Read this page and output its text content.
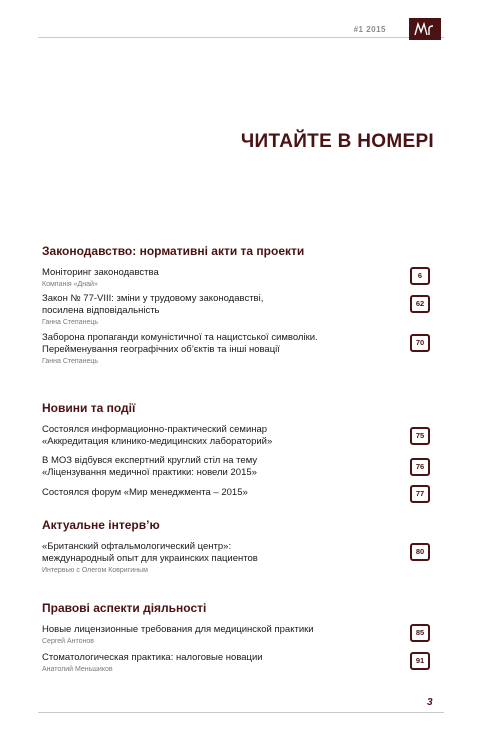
#1 2015
ЧИТАЙТЕ В НОМЕРІ
Законодавство: нормативні акти та проекти
Моніторинг законодавства
Компанія «Днай»
6
Закон № 77-VIII: зміни у трудовому законодавстві,
посилена відповідальність
Ганна Степанець
62
Заборона пропаганди комуністичної та нацистської символіки.
Перейменування географічних об’єктів та інші новації
Ганна Степанець
70
Новини та події
Состоялся информационно-практический семинар
«Аккредитация клинико-медицинских лабораторий»
75
В МОЗ відбувся експертний круглий стіл на тему
«Ліцензування медичної практики: новели 2015»
76
Состоялся форум «Мир менеджмента – 2015»	77
Актуальне інтерв’ю
«Британский офтальмологический центр»:
международный опыт для украинских пациентов
Интервью с Олегом Ковригиным
80
Правові аспекти діяльності
Новые лицензионные требования для медицинской практики
Сергей Антонов
85
Стоматологическая практика: налоговые новации
Анатолий Меньшиков
91
3
